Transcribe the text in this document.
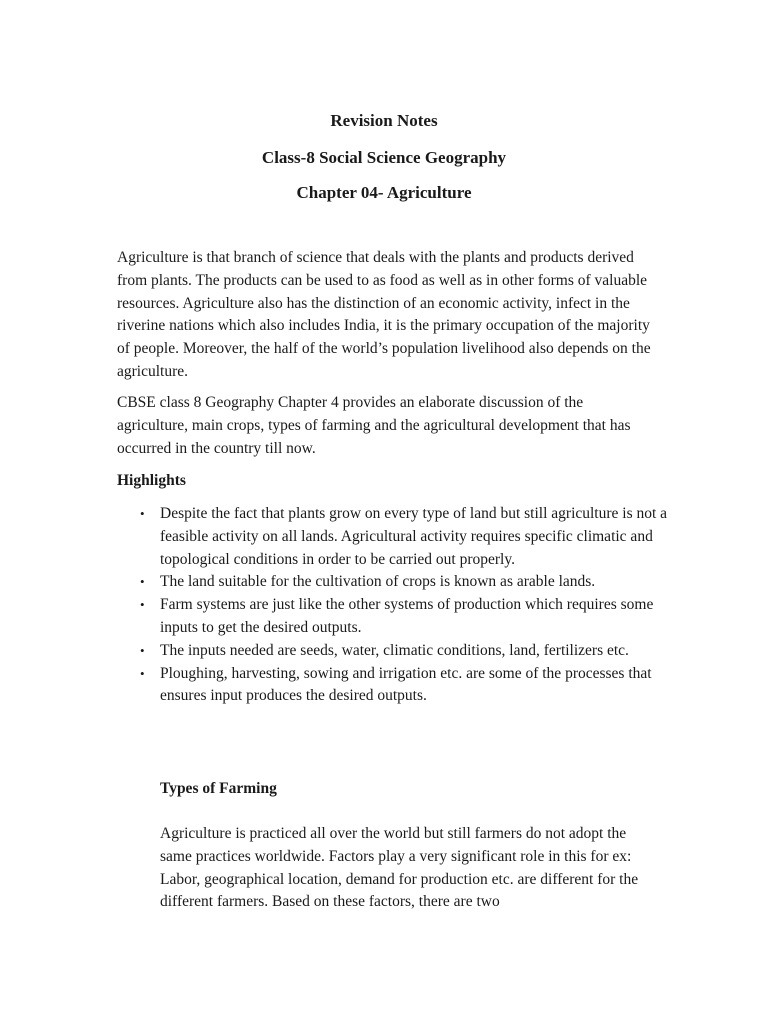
Revision Notes
Class-8 Social Science Geography
Chapter 04- Agriculture

Agriculture is that branch of science that deals with the plants and products derived from plants. The products can be used to as food as well as in other forms of valuable resources. Agriculture also has the distinction of an economic activity, infect in the riverine nations which also includes India, it is the primary occupation of the majority of people. Moreover, the half of the world’s population livelihood also depends on the agriculture.

CBSE class 8 Geography Chapter 4 provides an elaborate discussion of the agriculture, main crops, types of farming and the agricultural development that has occurred in the country till now.

Highlights
• Despite the fact that plants grow on every type of land but still agriculture is not a feasible activity on all lands. Agricultural activity requires specific climatic and topological conditions in order to be carried out properly.
• The land suitable for the cultivation of crops is known as arable lands.
• Farm systems are just like the other systems of production which requires some inputs to get the desired outputs.
• The inputs needed are seeds, water, climatic conditions, land, fertilizers etc.
• Ploughing, harvesting, sowing and irrigation etc. are some of the processes that ensures input produces the desired outputs.
Types of Farming

Agriculture is practiced all over the world but still farmers do not adopt the same practices worldwide. Factors play a very significant role in this for ex: Labor, geographical location, demand for production etc. are different for the different farmers. Based on these factors, there are two
